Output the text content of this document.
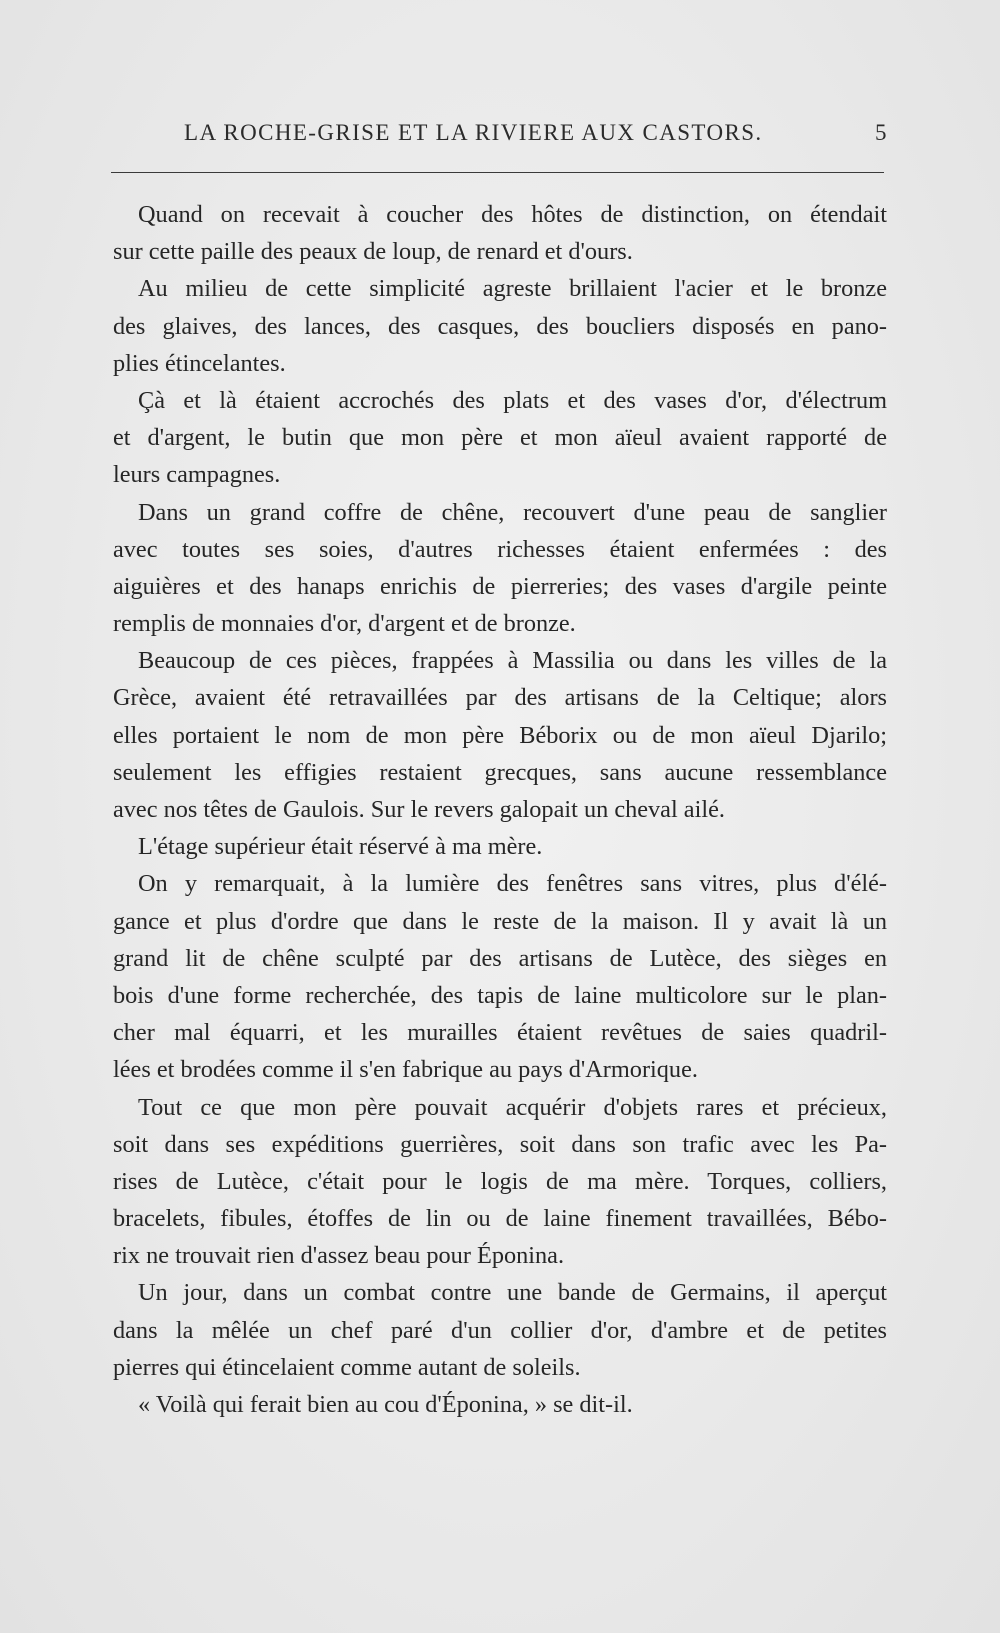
LA ROCHE-GRISE ET LA RIVIERE AUX CASTORS.	5
Quand on recevait à coucher des hôtes de distinction, on étendait
sur cette paille des peaux de loup, de renard et d'ours.
Au milieu de cette simplicité agreste brillaient l'acier et le bronze
des glaives, des lances, des casques, des boucliers disposés en pano-
plies étincelantes.
Çà et là étaient accrochés des plats et des vases d'or, d'électrum
et d'argent, le butin que mon père et mon aïeul avaient rapporté de
leurs campagnes.
Dans un grand coffre de chêne, recouvert d'une peau de sanglier
avec toutes ses soies, d'autres richesses étaient enfermées : des
aiguières et des hanaps enrichis de pierreries; des vases d'argile peinte
remplis de monnaies d'or, d'argent et de bronze.
Beaucoup de ces pièces, frappées à Massilia ou dans les villes de la
Grèce, avaient été retravaillées par des artisans de la Celtique; alors
elles portaient le nom de mon père Béborix ou de mon aïeul Djarilo;
seulement les effigies restaient grecques, sans aucune ressemblance
avec nos têtes de Gaulois. Sur le revers galopait un cheval ailé.
L'étage supérieur était réservé à ma mère.
On y remarquait, à la lumière des fenêtres sans vitres, plus d'élé-
gance et plus d'ordre que dans le reste de la maison. Il y avait là un
grand lit de chêne sculpté par des artisans de Lutèce, des sièges en
bois d'une forme recherchée, des tapis de laine multicolore sur le plan-
cher mal équarri, et les murailles étaient revêtues de saies quadril-
lées et brodées comme il s'en fabrique au pays d'Armorique.
Tout ce que mon père pouvait acquérir d'objets rares et précieux,
soit dans ses expéditions guerrières, soit dans son trafic avec les Pa-
rises de Lutèce, c'était pour le logis de ma mère. Torques, colliers,
bracelets, fibules, étoffes de lin ou de laine finement travaillées, Bébo-
rix ne trouvait rien d'assez beau pour Éponina.
Un jour, dans un combat contre une bande de Germains, il aperçut
dans la mêlée un chef paré d'un collier d'or, d'ambre et de petites
pierres qui étincelaient comme autant de soleils.
« Voilà qui ferait bien au cou d'Éponina, » se dit-il.
